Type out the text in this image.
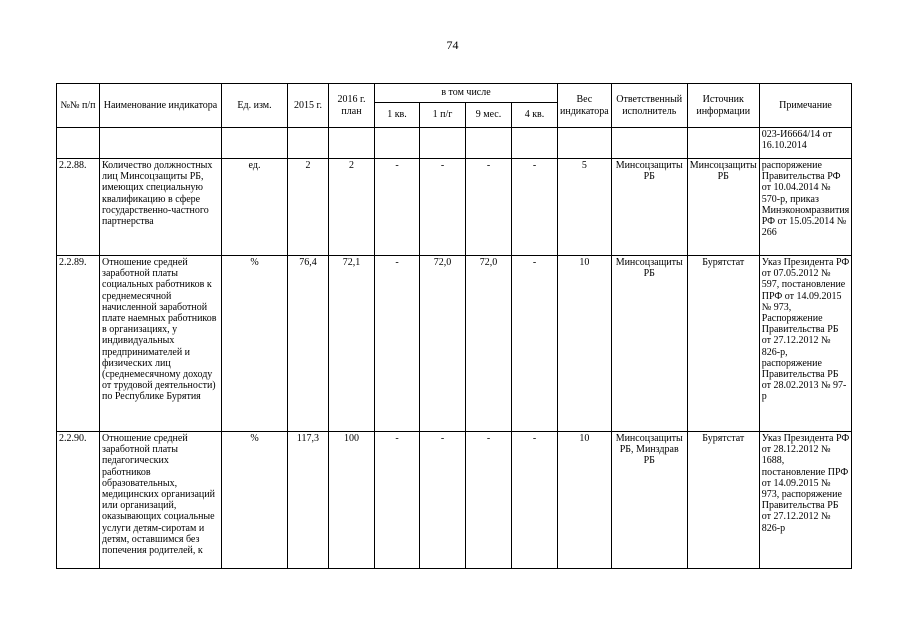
74
№№ п/п	Наименование индикатора	Ед. изм.	2015 г.	2016 г. план	в том числе				Вес индикатора	Ответственный исполнитель	Источник информации	Примечание
					1 кв.	1 п/г	9 мес.	4 кв.				
												023-И6664/14 от 16.10.2014
2.2.88.	Количество должностных лиц Минсоцзащиты РБ, имеющих специальную квалификацию в сфере государственно-частного партнерства	ед.	2	2	-	-	-	-	5	Минсоцзащиты РБ	Минсоцзащиты РБ	распоряжение Правительства РФ от 10.04.2014 № 570-р, приказ Минэкономразвития РФ от 15.05.2014 № 266
2.2.89.	Отношение средней заработной платы социальных работников к среднемесячной начисленной заработной плате наемных работников в организациях, у индивидуальных предпринимателей и физических лиц (среднемесячному доходу от трудовой деятельности) по Республике Бурятия	%	76,4	72,1	-	72,0	72,0	-	10	Минсоцзащиты РБ	Бурятстат	Указ Президента РФ от 07.05.2012 № 597, постановление ПРФ от 14.09.2015 № 973, Распоряжение Правительства РБ от 27.12.2012 № 826-р, распоряжение Правительства РБ от 28.02.2013 № 97-р
2.2.90.	Отношение средней заработной платы педагогических работников образовательных, медицинских организаций или организаций, оказывающих социальные услуги детям-сиротам и детям, оставшимся без попечения родителей, к	%	117,3	100	-	-	-	-	10	Минсоцзащиты РБ, Минздрав РБ	Бурятстат	Указ Президента РФ от 28.12.2012 № 1688, постановление ПРФ от 14.09.2015 № 973, распоряжение Правительства РБ от 27.12.2012 № 826-р
